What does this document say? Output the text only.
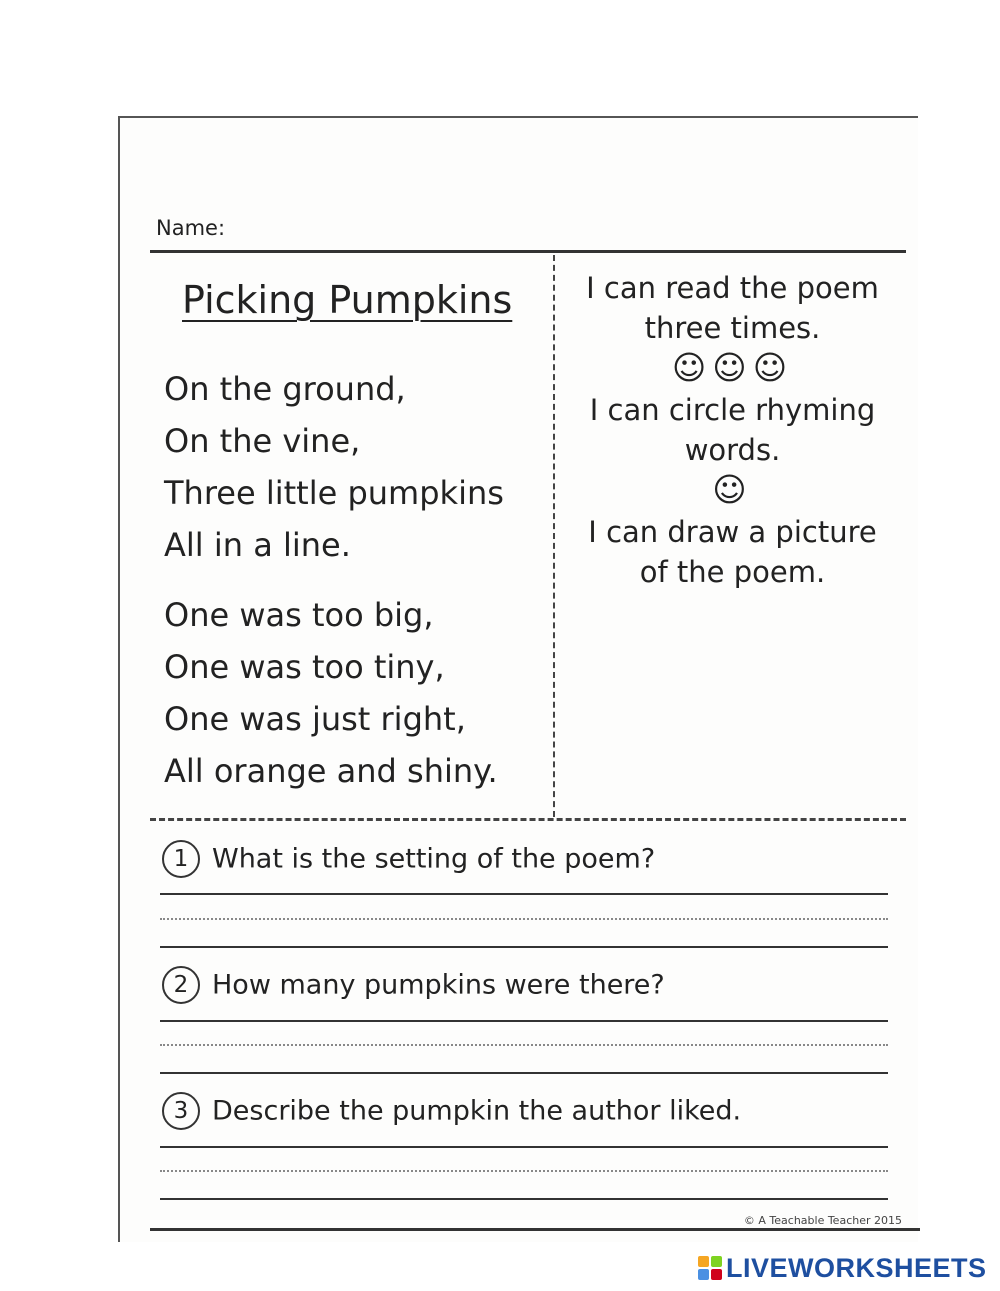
Name:
Picking Pumpkins
On the ground,
On the vine,
Three little pumpkins
All in a line.
One was too big,
One was too tiny,
One was just right,
All orange and shiny.
I can read the poem
three times.
☺☺☺
I can circle rhyming
words.
☺
I can draw a picture
of the poem.
1 What is the setting of the poem?
2 How many pumpkins were there?
3 Describe the pumpkin the author liked.
© A Teachable Teacher 2015
LIVEWORKSHEETS
